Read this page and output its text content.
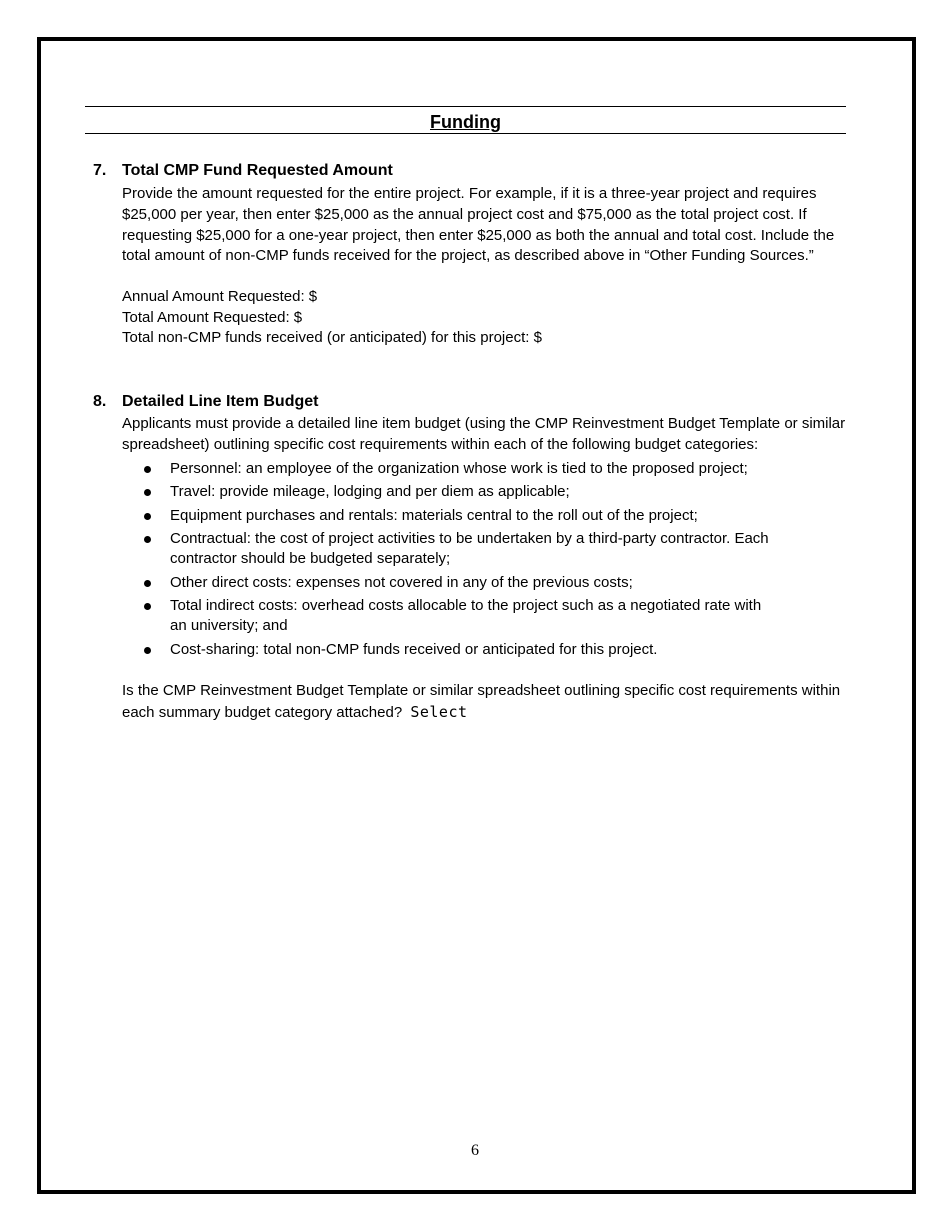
Funding
7. Total CMP Fund Requested Amount

Provide the amount requested for the entire project. For example, if it is a three-year project and requires $25,000 per year, then enter $25,000 as the annual project cost and $75,000 as the total project cost. If requesting $25,000 for a one-year project, then enter $25,000 as both the annual and total cost. Include the total amount of non-CMP funds received for the project, as described above in “Other Funding Sources.”

Annual Amount Requested: $

Total Amount Requested: $

Total non-CMP funds received (or anticipated) for this project: $

8. Detailed Line Item Budget

Applicants must provide a detailed line item budget (using the CMP Reinvestment Budget Template or similar spreadsheet) outlining specific cost requirements within each of the following budget categories:

Personnel: an employee of the organization whose work is tied to the proposed project;
Travel: provide mileage, lodging and per diem as applicable;
Equipment purchases and rentals: materials central to the roll out of the project;
Contractual: the cost of project activities to be undertaken by a third-party contractor. Each contractor should be budgeted separately;
Other direct costs: expenses not covered in any of the previous costs;
Total indirect costs: overhead costs allocable to the project such as a negotiated rate with an university; and
Cost-sharing: total non-CMP funds received or anticipated for this project.

Is the CMP Reinvestment Budget Template or similar spreadsheet outlining specific cost requirements within each summary budget category attached? Select

6
